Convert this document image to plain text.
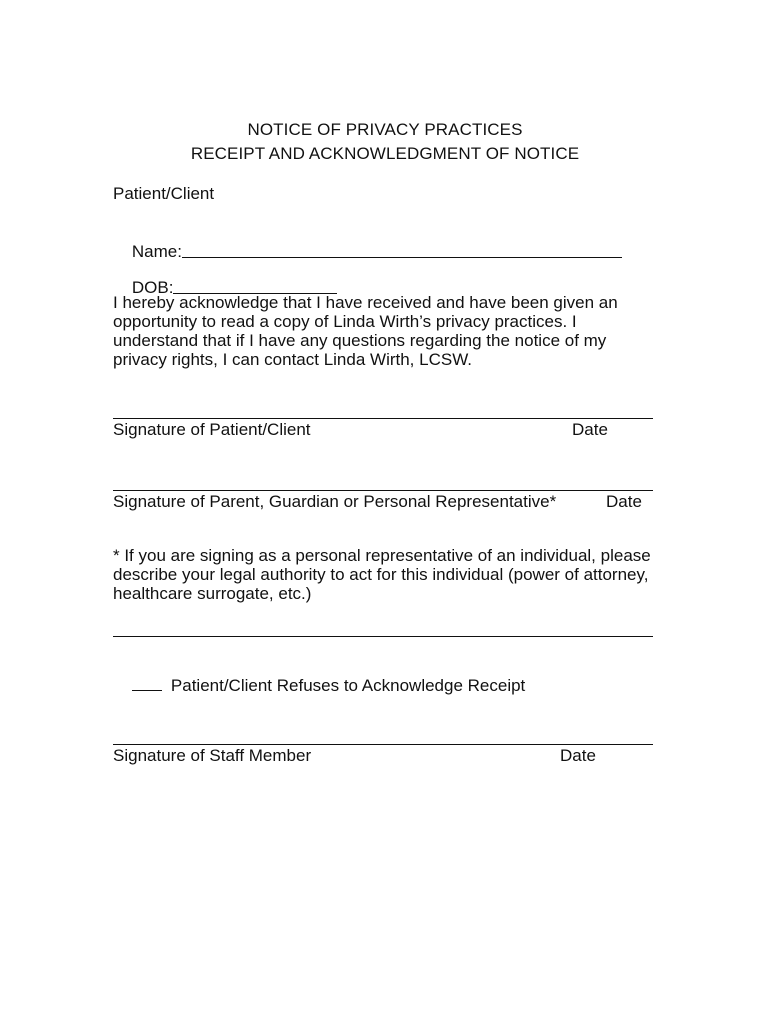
NOTICE OF PRIVACY PRACTICES
RECEIPT AND ACKNOWLEDGMENT OF NOTICE
Patient/Client

Name:

DOB:

I hereby acknowledge that I have received and have been given an opportunity to read a copy of Linda Wirth’s privacy practices. I understand that if I have any questions regarding the notice of my privacy rights, I can contact Linda Wirth, LCSW.
Signature of Patient/Client	Date
Signature of Parent, Guardian or Personal Representative*	Date
* If you are signing as a personal representative of an individual, please describe your legal authority to act for this individual (power of attorney, healthcare surrogate, etc.)

Patient/Client Refuses to Acknowledge Receipt

Signature of Staff Member	Date
